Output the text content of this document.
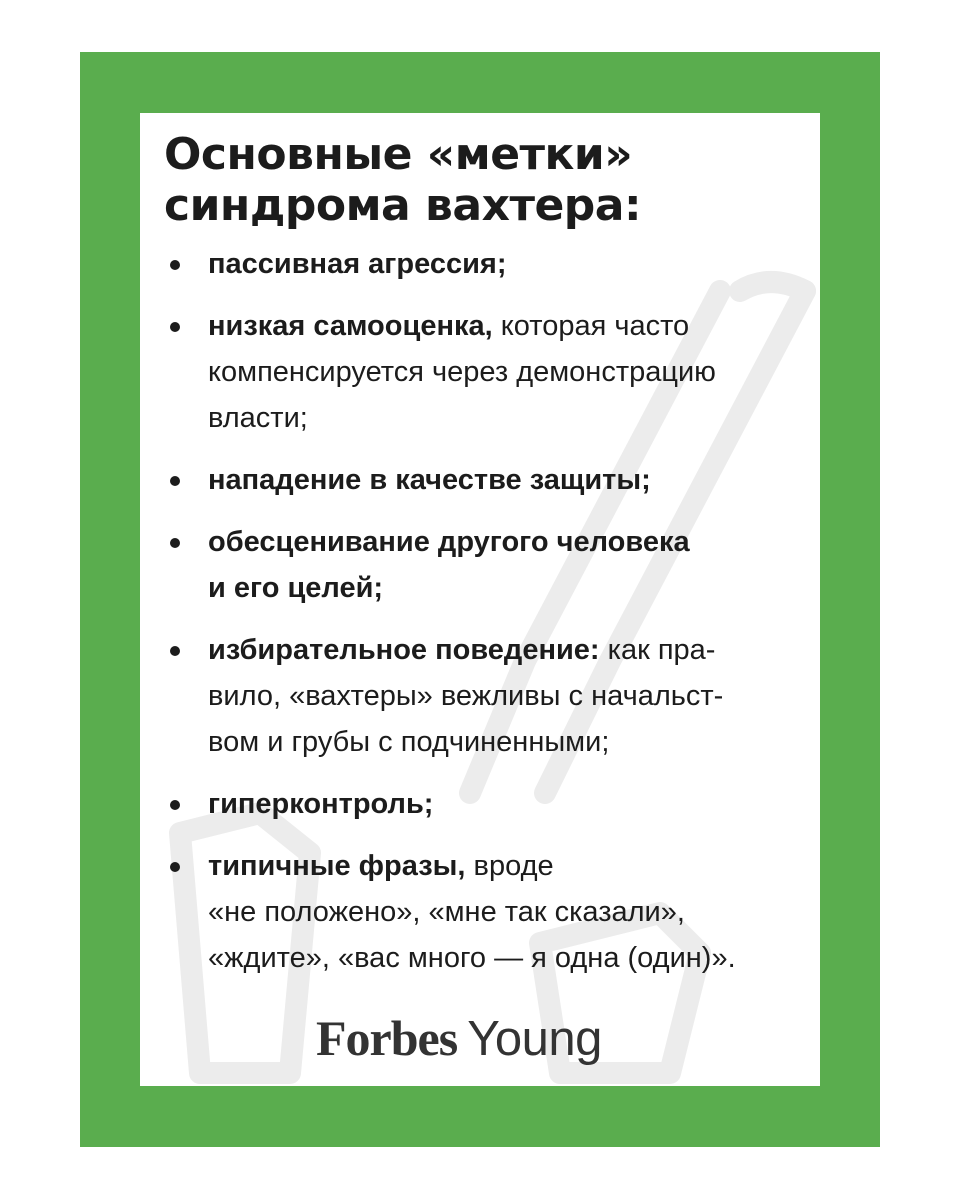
Основные «метки»
синдрома вахтера:
пассивная агрессия;
низкая самооценка, которая часто
компенсируется через демонстрацию
власти;
нападение в качестве защиты;
обесценивание другого человека
и его целей;
избирательное поведение: как пра-
вило, «вахтеры» вежливы с начальст-
вом и грубы с подчиненными;
гиперконтроль;
типичные фразы, вроде
«не положено», «мне так сказали»,
«ждите», «вас много — я одна (один)».
Forbes Young
